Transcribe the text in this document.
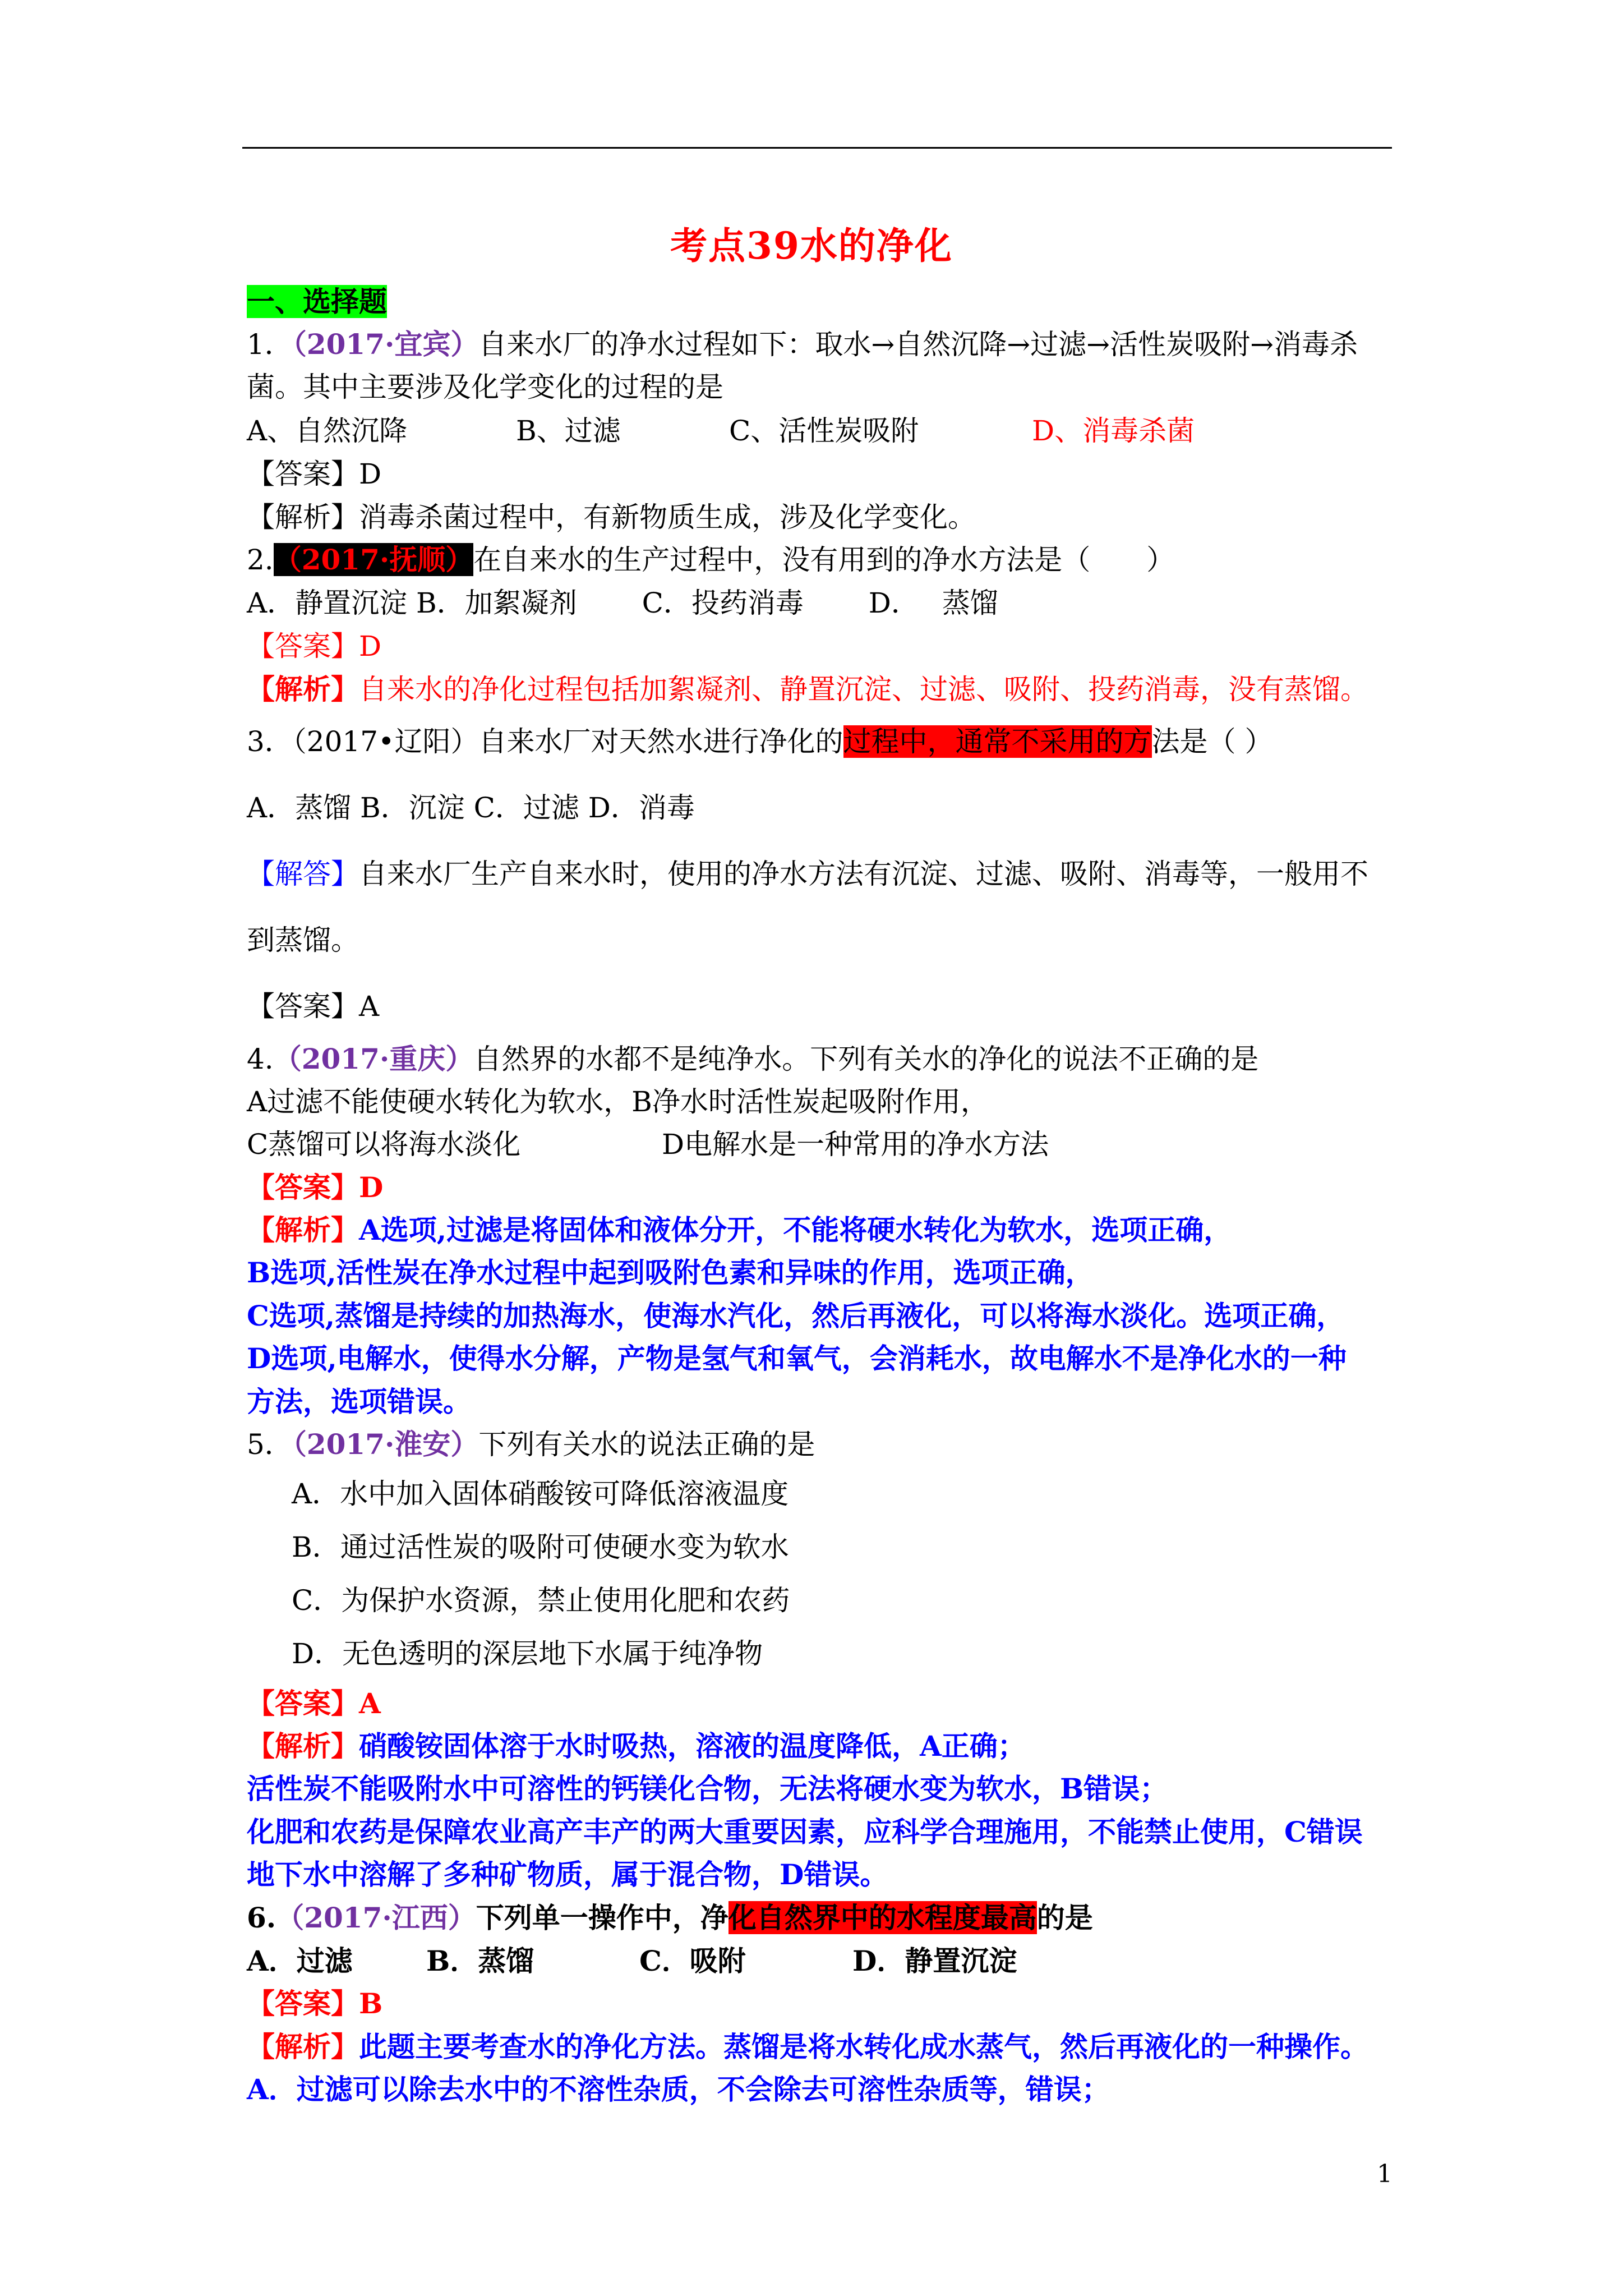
考点39水的净化
一、选择题
1．（2017·宜宾）自来水厂的净水过程如下：取水→自然沉降→过滤→活性炭吸附→消毒杀
菌。其中主要涉及化学变化的过程的是
A、自然沉降	B、过滤	C、活性炭吸附	D、消毒杀菌
【答案】D
【解析】消毒杀菌过程中，有新物质生成，涉及化学变化。
2.（2017·抚顺）在自来水的生产过程中，没有用到的净水方法是（　　）
A．静置沉淀 B．加絮凝剂　　 C．投药消毒　　 D．　 蒸馏
【答案】D
【解析】自来水的净化过程包括加絮凝剂、静置沉淀、过滤、吸附、投药消毒，没有蒸馏。
3．（2017•辽阳）自来水厂对天然水进行净化的过程中，通常不采用的方法是（ ）
A．蒸馏 B．沉淀 C．过滤 D．消毒
【解答】自来水厂生产自来水时，使用的净水方法有沉淀、过滤、吸附、消毒等，一般用不
到蒸馏。
【答案】A
4.（2017·重庆）自然界的水都不是纯净水。下列有关水的净化的说法不正确的是
A过滤不能使硬水转化为软水，B净水时活性炭起吸附作用，
C蒸馏可以将海水淡化	D电解水是一种常用的净水方法
【答案】D
【解析】A选项,过滤是将固体和液体分开，不能将硬水转化为软水，选项正确，
B选项,活性炭在净水过程中起到吸附色素和异味的作用，选项正确，
C选项,蒸馏是持续的加热海水，使海水汽化，然后再液化，可以将海水淡化。选项正确，
D选项,电解水，使得水分解，产物是氢气和氧气，会消耗水，故电解水不是净化水的一种
方法，选项错误。
5．（2017·淮安）下列有关水的说法正确的是
A．水中加入固体硝酸铵可降低溶液温度
B．通过活性炭的吸附可使硬水变为软水
C．为保护水资源，禁止使用化肥和农药
D．无色透明的深层地下水属于纯净物
【答案】A
【解析】硝酸铵固体溶于水时吸热，溶液的温度降低，A正确；
活性炭不能吸附水中可溶性的钙镁化合物，无法将硬水变为软水，B错误；
化肥和农药是保障农业高产丰产的两大重要因素，应科学合理施用，不能禁止使用，C错误
地下水中溶解了多种矿物质，属于混合物，D错误。
6.（2017·江西）下列单一操作中，净化自然界中的水程度最高的是
A．过滤	B．蒸馏	C．吸附	D．静置沉淀
【答案】B
【解析】此题主要考查水的净化方法。蒸馏是将水转化成水蒸气，然后再液化的一种操作。
A．过滤可以除去水中的不溶性杂质，不会除去可溶性杂质等，错误；
1
